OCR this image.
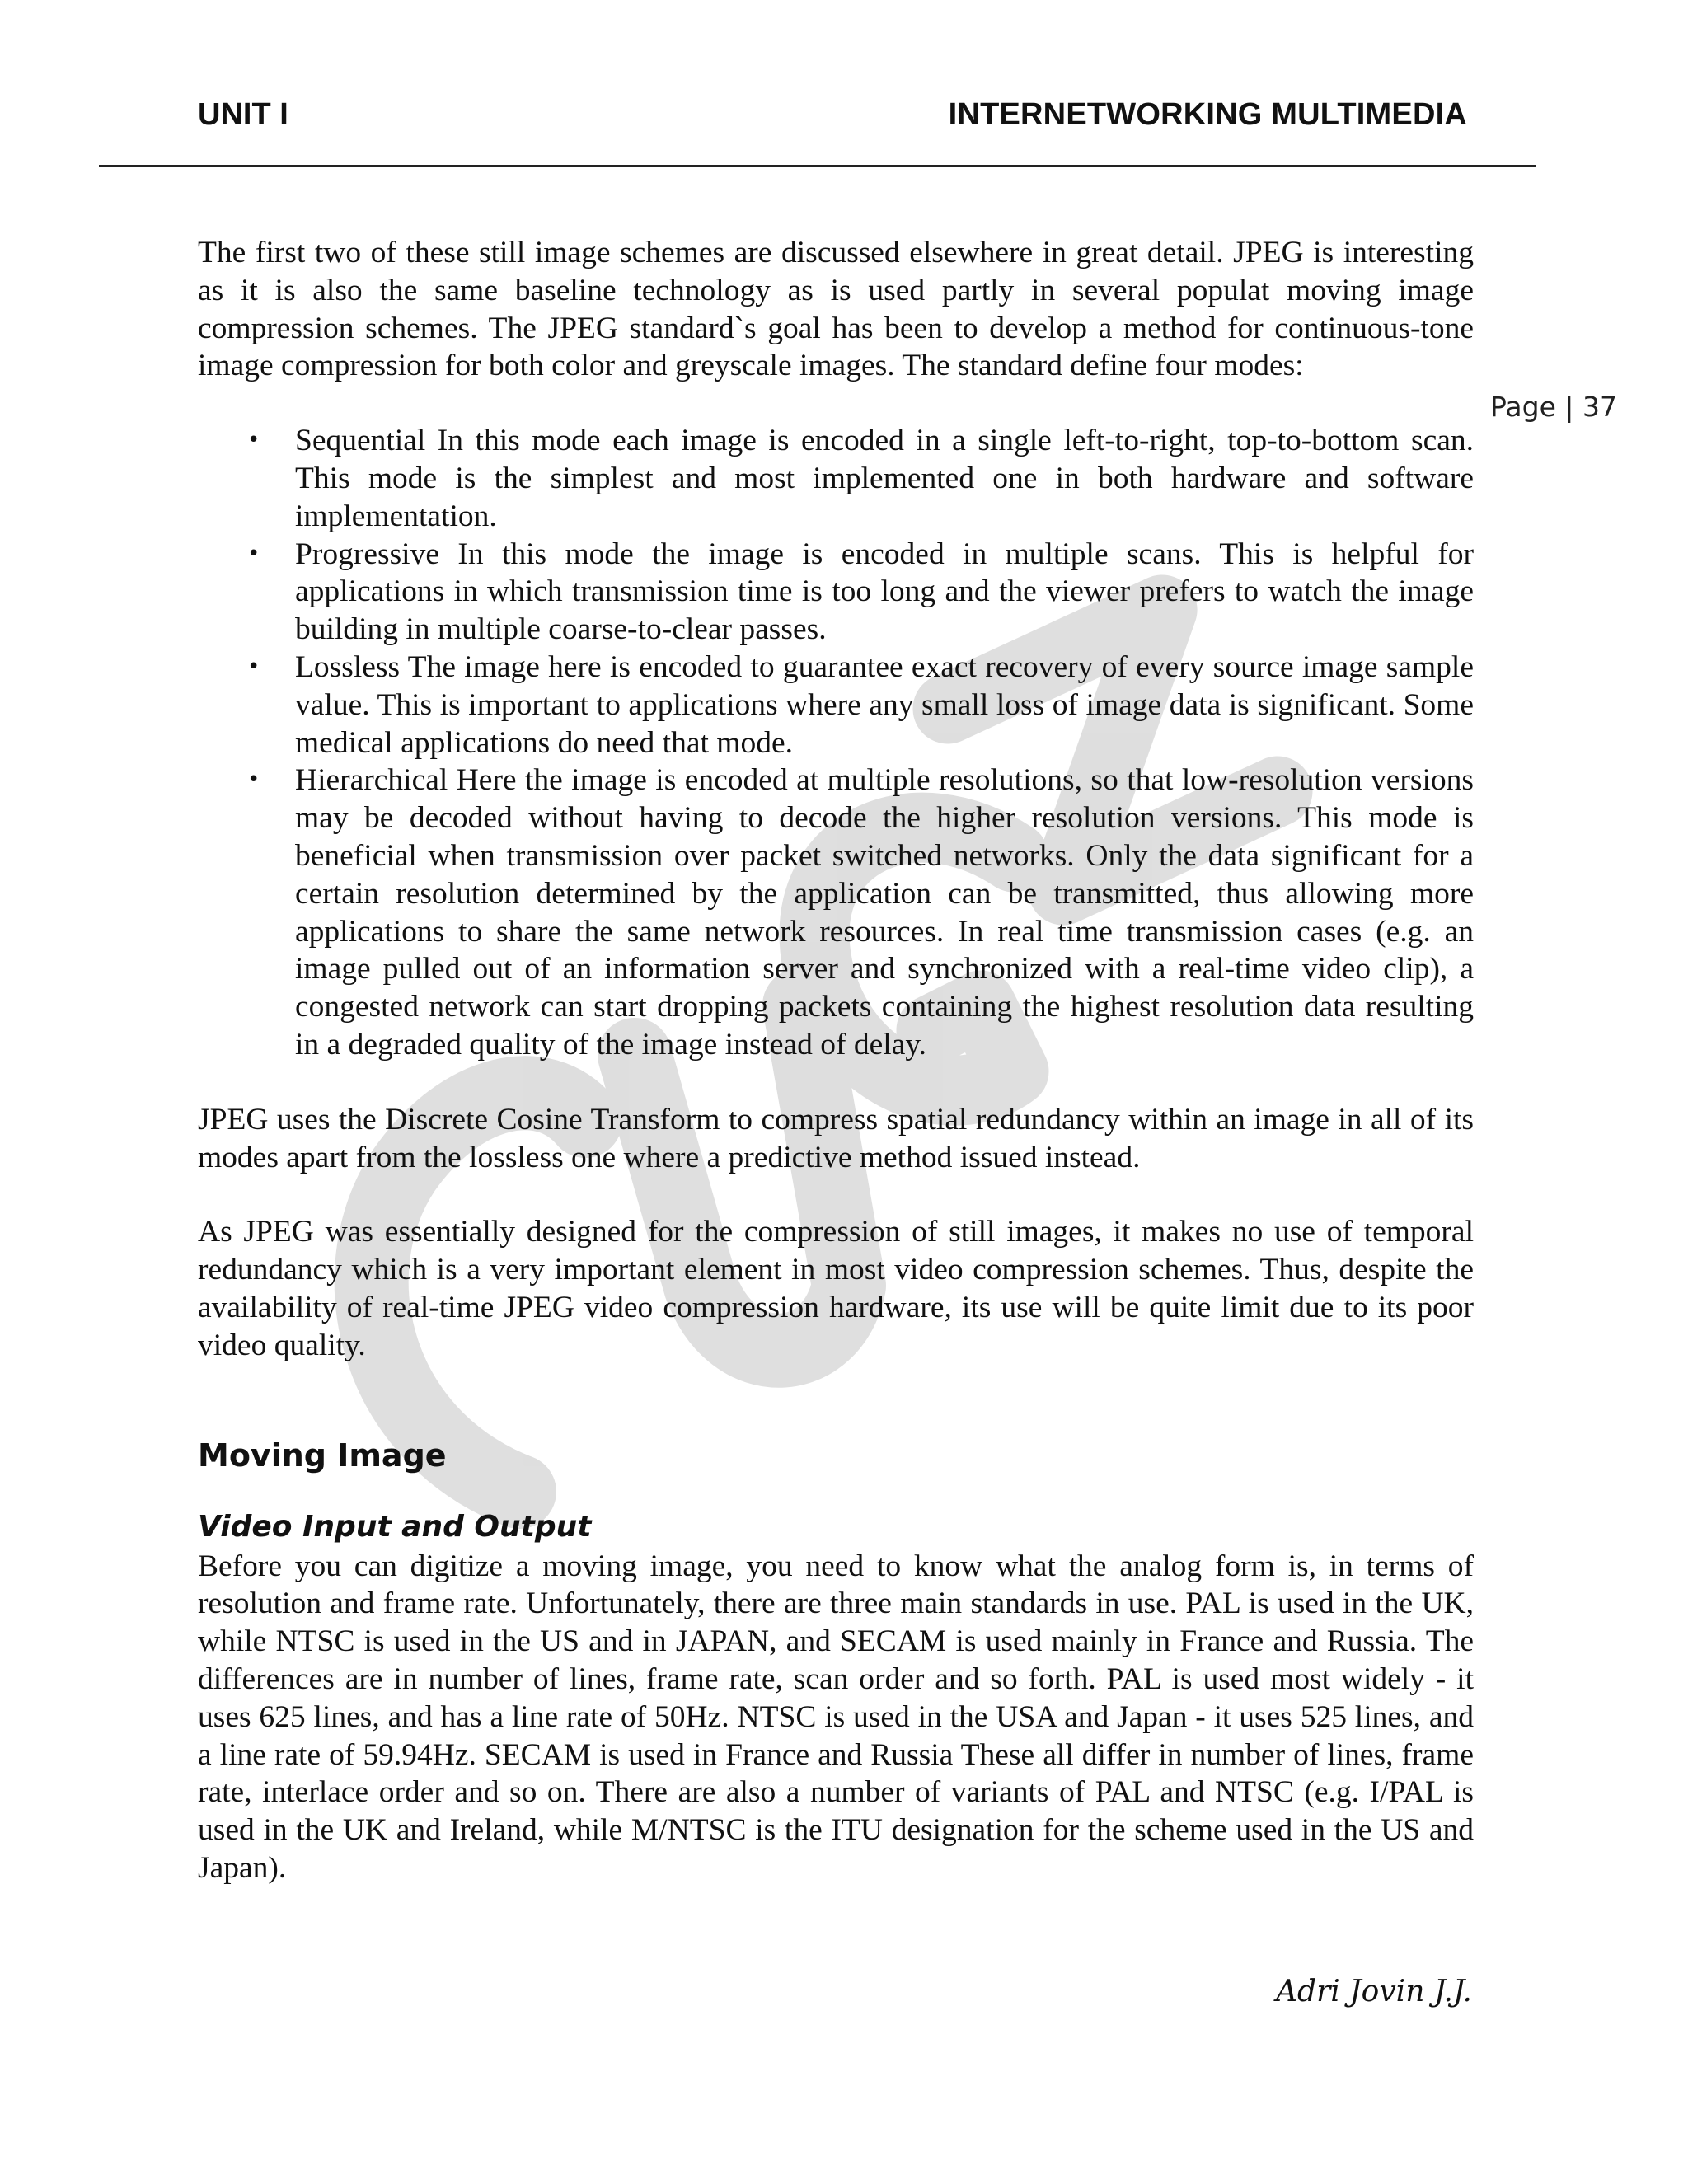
UNIT I	INTERNETWORKING MULTIMEDIA
Page | 37

The first two of these still image schemes are discussed elsewhere in great detail. JPEG is interesting as it is also the same baseline technology as is used partly in several populat moving image compression schemes. The JPEG standard`s goal has been to develop a method for continuous-tone image compression for both color and greyscale images. The standard define four modes:

• Sequential In this mode each image is encoded in a single left-to-right, top-to-bottom scan. This mode is the simplest and most implemented one in both hardware and software implementation.
• Progressive In this mode the image is encoded in multiple scans. This is helpful for applications in which transmission time is too long and the viewer prefers to watch the image building in multiple coarse-to-clear passes.
• Lossless The image here is encoded to guarantee exact recovery of every source image sample value. This is important to applications where any small loss of image data is significant. Some medical applications do need that mode.
• Hierarchical Here the image is encoded at multiple resolutions, so that low-resolution versions may be decoded without having to decode the higher resolution versions. This mode is beneficial when transmission over packet switched networks. Only the data significant for a certain resolution determined by the application can be transmitted, thus allowing more applications to share the same network resources. In real time transmission cases (e.g. an image pulled out of an information server and synchronized with a real-time video clip), a congested network can start dropping packets containing the highest resolution data resulting in a degraded quality of the image instead of delay.

JPEG uses the Discrete Cosine Transform to compress spatial redundancy within an image in all of its modes apart from the lossless one where a predictive method issued instead.

As JPEG was essentially designed for the compression of still images, it makes no use of temporal redundancy which is a very important element in most video compression schemes. Thus, despite the availability of real-time JPEG video compression hardware, its use will be quite limit due to its poor video quality.

Moving Image
Video Input and Output

Before you can digitize a moving image, you need to know what the analog form is, in terms of resolution and frame rate. Unfortunately, there are three main standards in use. PAL is used in the UK, while NTSC is used in the US and in JAPAN, and SECAM is used mainly in France and Russia. The differences are in number of lines, frame rate, scan order and so forth. PAL is used most widely - it uses 625 lines, and has a line rate of 50Hz. NTSC is used in the USA and Japan - it uses 525 lines, and a line rate of 59.94Hz. SECAM is used in France and Russia These all differ in number of lines, frame rate, interlace order and so on. There are also a number of variants of PAL and NTSC (e.g. I/PAL is used in the UK and Ireland, while M/NTSC is the ITU designation for the scheme used in the US and Japan).

Adri Jovin J.J.
